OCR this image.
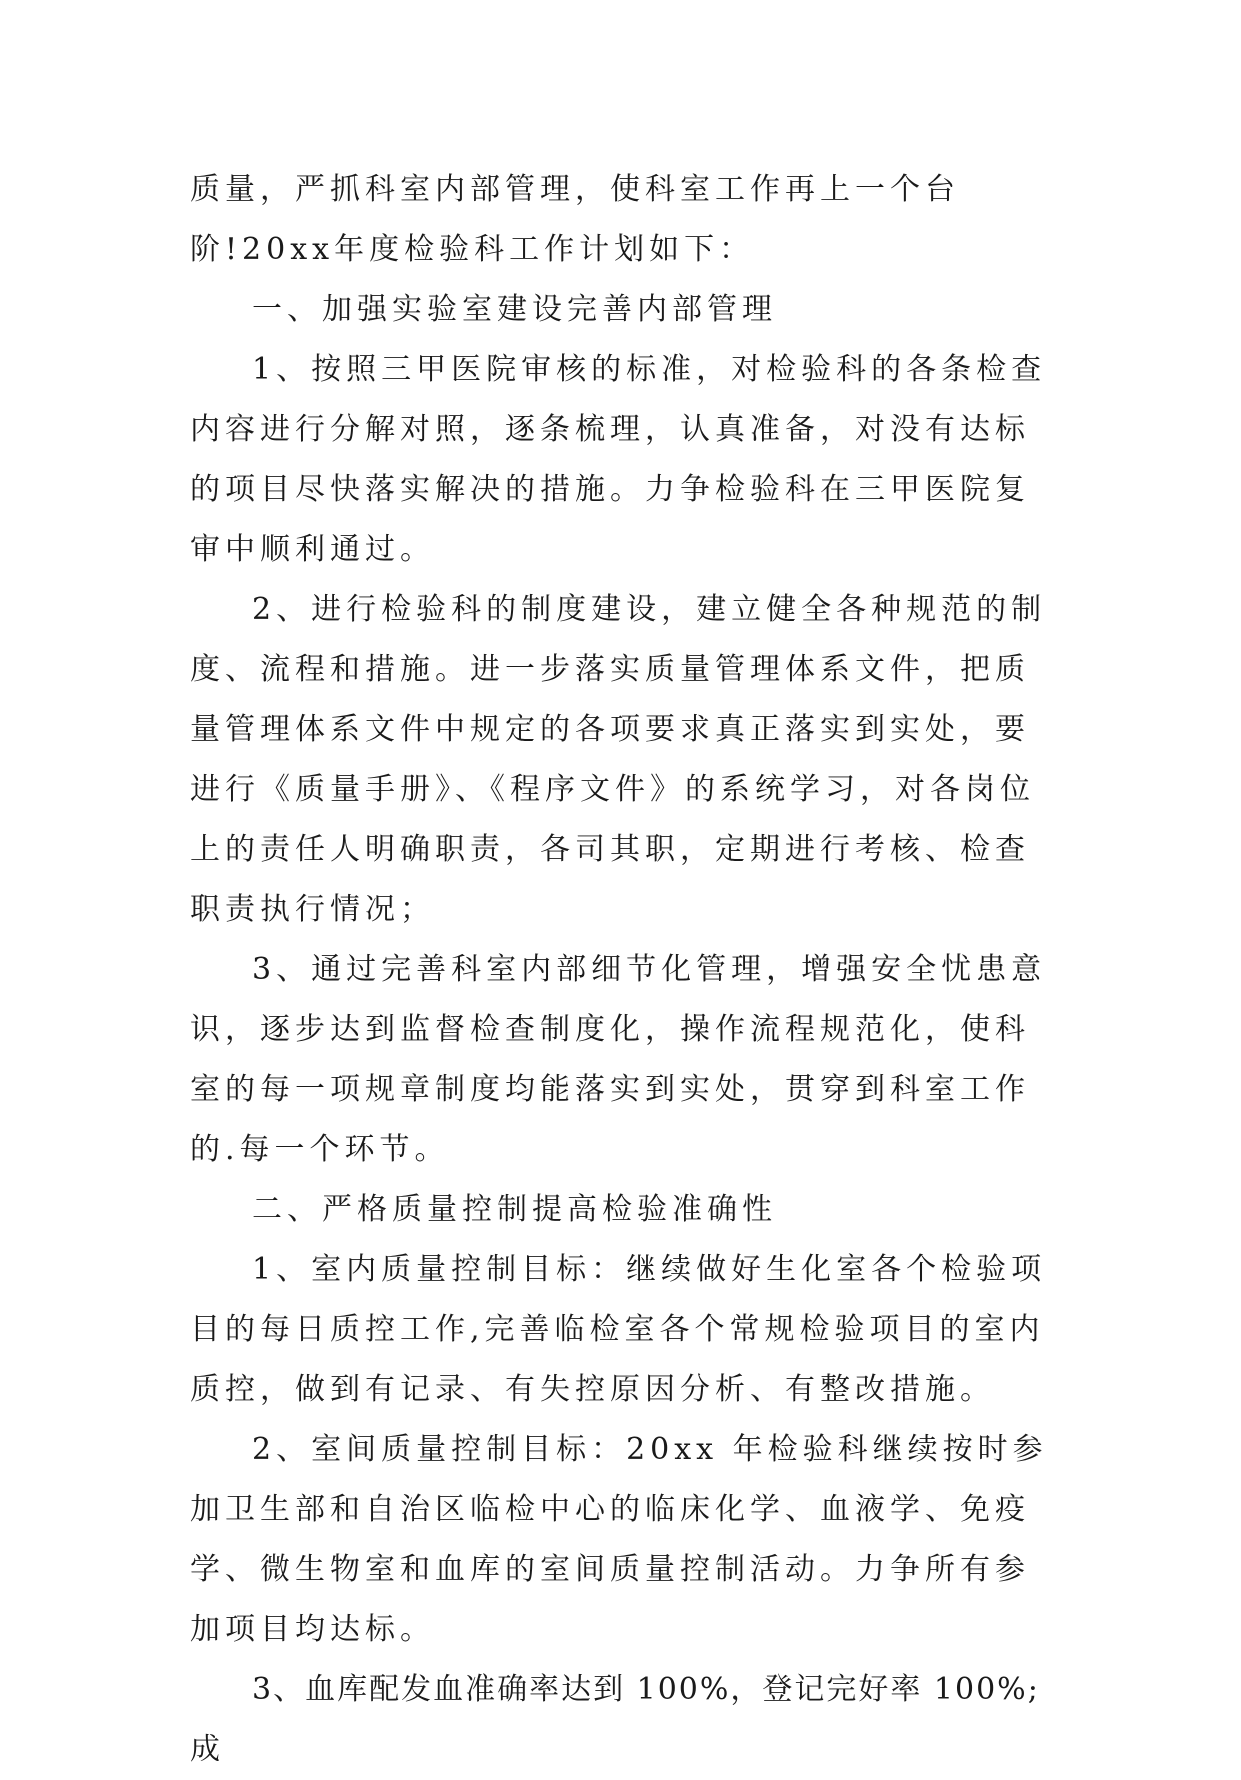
质量，严抓科室内部管理，使科室工作再上一个台阶!20xx年度检验科工作计划如下：

一、加强实验室建设完善内部管理

1、按照三甲医院审核的标准，对检验科的各条检查内容进行分解对照，逐条梳理，认真准备，对没有达标的项目尽快落实解决的措施。力争检验科在三甲医院复审中顺利通过。

2、进行检验科的制度建设，建立健全各种规范的制度、流程和措施。进一步落实质量管理体系文件，把质量管理体系文件中规定的各项要求真正落实到实处，要进行《质量手册》、《程序文件》的系统学习，对各岗位上的责任人明确职责，各司其职，定期进行考核、检查职责执行情况；

3、通过完善科室内部细节化管理，增强安全忧患意识，逐步达到监督检查制度化，操作流程规范化，使科室的每一项规章制度均能落实到实处，贯穿到科室工作的.每一个环节。

二、严格质量控制提高检验准确性

1、室内质量控制目标：继续做好生化室各个检验项目的每日质控工作,完善临检室各个常规检验项目的室内质控，做到有记录、有失控原因分析、有整改措施。

2、室间质量控制目标：20xx 年检验科继续按时参加卫生部和自治区临检中心的临床化学、血液学、免疫学、微生物室和血库的室间质量控制活动。力争所有参加项目均达标。

3、血库配发血准确率达到 100%，登记完好率 100%;成
